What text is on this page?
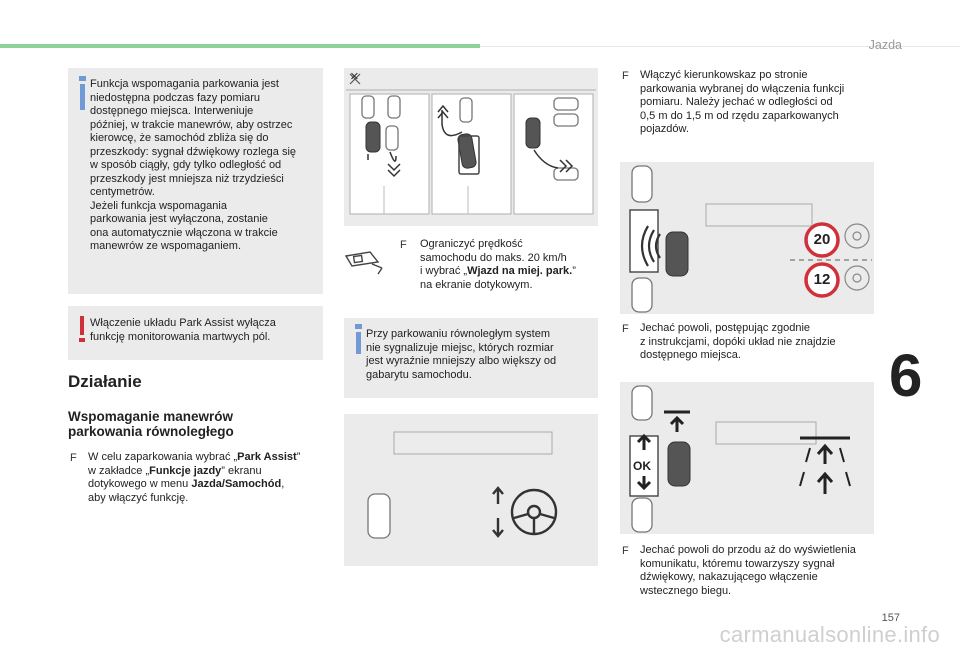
Jazda
6
157
carmanualsonline.info
Funkcja wspomagania parkowania jest
niedostępna podczas fazy pomiaru
dostępnego miejsca. Interweniuje
później, w trakcie manewrów, aby ostrzec
kierowcę, że samochód zbliża się do
przeszkody: sygnał dźwiękowy rozlega się
w sposób ciągły, gdy tylko odległość od
przeszkody jest mniejsza niż trzydzieści
centymetrów.
Jeżeli funkcja wspomagania
parkowania jest wyłączona, zostanie
ona automatycznie włączona w trakcie
manewrów ze wspomaganiem.
Włączenie układu Park Assist wyłącza
funkcję monitorowania martwych pól.
Działanie
Wspomaganie manewrów
parkowania równoległego
F W celu zaparkowania wybrać „Park Assist”
w zakładce „Funkcje jazdy” ekranu
dotykowego w menu Jazda/Samochód,
aby włączyć funkcję.
×
F Ograniczyć prędkość
samochodu do maks. 20 km/h
i wybrać „Wjazd na miej. park.”
na ekranie dotykowym.
Przy parkowaniu równoległym system
nie sygnalizuje miejsc, których rozmiar
jest wyraźnie mniejszy albo większy od
gabarytu samochodu.
F Włączyć kierunkowskaz po stronie
parkowania wybranej do włączenia funkcji
pomiaru. Należy jechać w odległości od
0,5 m do 1,5 m od rzędu zaparkowanych
pojazdów.
20
12
F Jechać powoli, postępując zgodnie
z instrukcjami, dopóki układ nie znajdzie
dostępnego miejsca.
OK
F Jechać powoli do przodu aż do wyświetlenia
komunikatu, któremu towarzyszy sygnał
dźwiękowy, nakazującego włączenie
wstecznego biegu.
